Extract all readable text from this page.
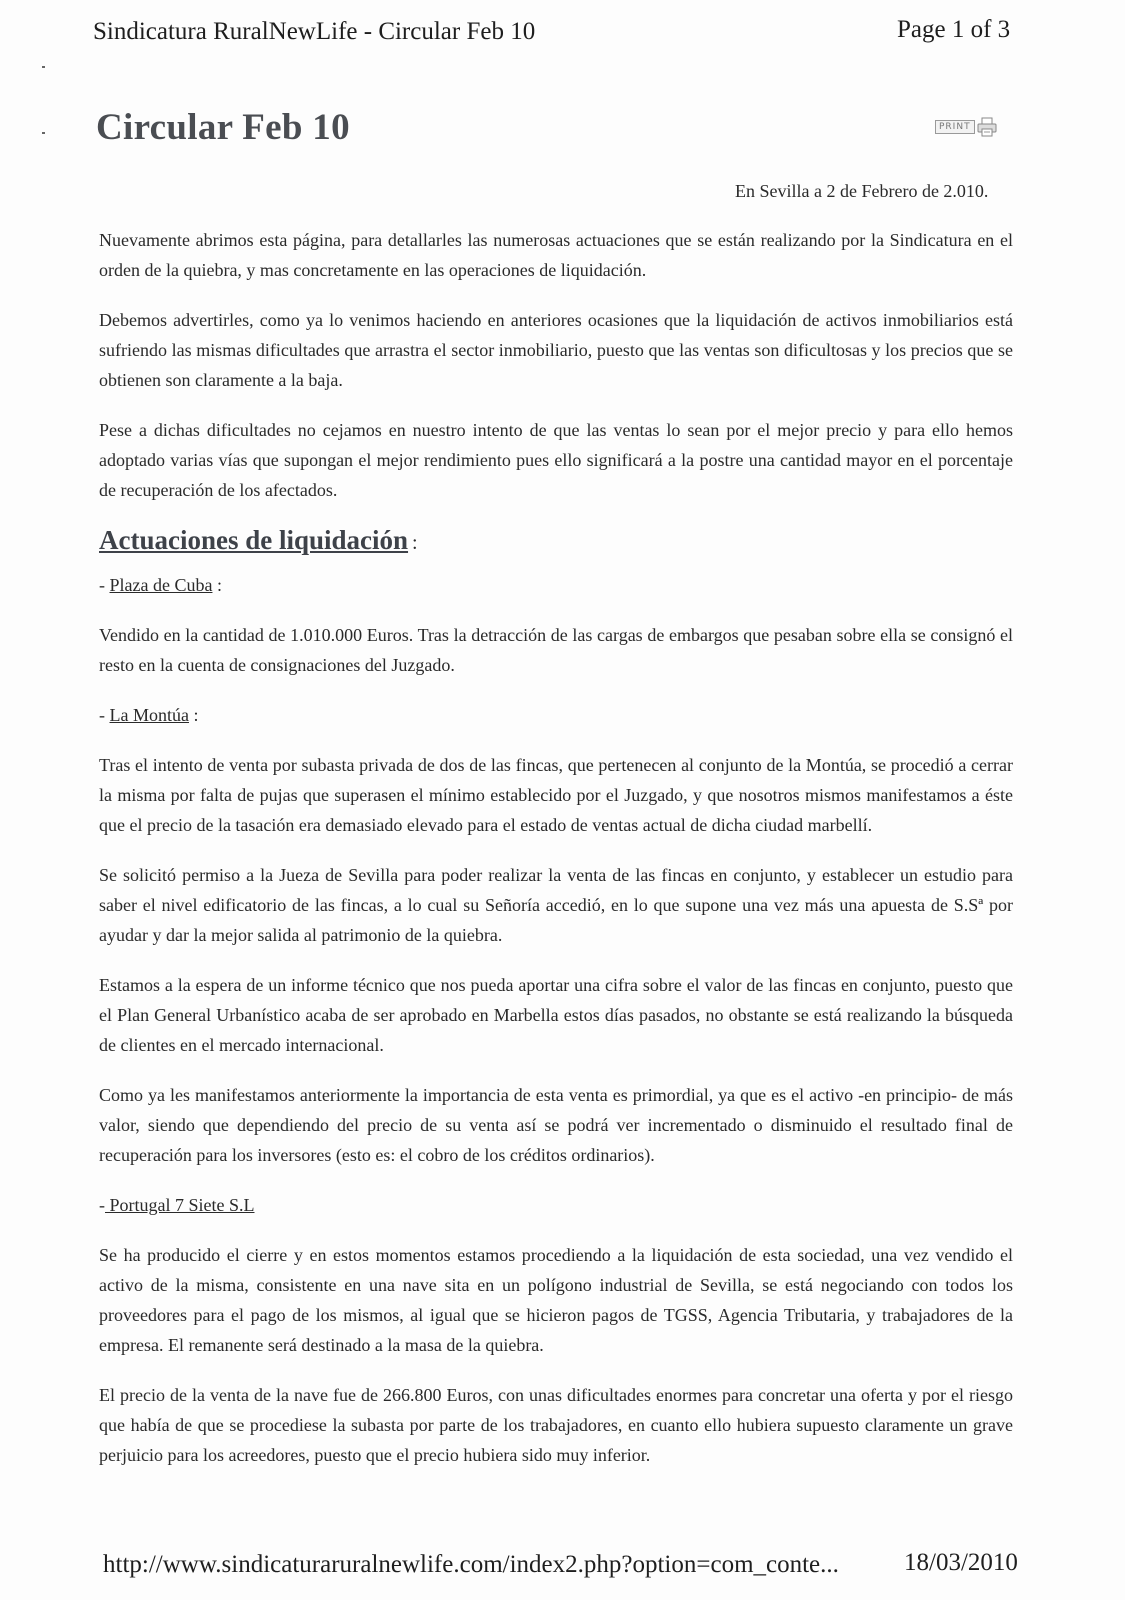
Sindicatura RuralNewLife - Circular Feb 10	Page 1 of 3
Circular Feb 10	PRINT
En Sevilla a 2 de Febrero de 2.010.

Nuevamente abrimos esta página, para detallarles las numerosas actuaciones que se están realizando por la Sindicatura en el orden de la quiebra, y mas concretamente en las operaciones de liquidación.

Debemos advertirles, como ya lo venimos haciendo en anteriores ocasiones que la liquidación de activos inmobiliarios está sufriendo las mismas dificultades que arrastra el sector inmobiliario, puesto que las ventas son dificultosas y los precios que se obtienen son claramente a la baja.

Pese a dichas dificultades no cejamos en nuestro intento de que las ventas lo sean por el mejor precio y para ello hemos adoptado varias vías que supongan el mejor rendimiento pues ello significará a la postre una cantidad mayor en el porcentaje de recuperación de los afectados.

Actuaciones de liquidación :
- Plaza de Cuba :

Vendido en la cantidad de 1.010.000 Euros. Tras la detracción de las cargas de embargos que pesaban sobre ella se consignó el resto en la cuenta de consignaciones del Juzgado.

- La Montúa :

Tras el intento de venta por subasta privada de dos de las fincas, que pertenecen al conjunto de la Montúa, se procedió a cerrar la misma por falta de pujas que superasen el mínimo establecido por el Juzgado, y que nosotros mismos manifestamos a éste que el precio de la tasación era demasiado elevado para el estado de ventas actual de dicha ciudad marbellí.

Se solicitó permiso a la Jueza de Sevilla para poder realizar la venta de las fincas en conjunto, y establecer un estudio para saber el nivel edificatorio de las fincas, a lo cual su Señoría accedió, en lo que supone una vez más una apuesta de S.Sª por ayudar y dar la mejor salida al patrimonio de la quiebra.

Estamos a la espera de un informe técnico que nos pueda aportar una cifra sobre el valor de las fincas en conjunto, puesto que el Plan General Urbanístico acaba de ser aprobado en Marbella estos días pasados, no obstante se está realizando la búsqueda de clientes en el mercado internacional.

Como ya les manifestamos anteriormente la importancia de esta venta es primordial, ya que es el activo -en principio- de más valor, siendo que dependiendo del precio de su venta así se podrá ver incrementado o disminuido el resultado final de recuperación para los inversores (esto es: el cobro de los créditos ordinarios).

- Portugal 7 Siete S.L

Se ha producido el cierre y en estos momentos estamos procediendo a la liquidación de esta sociedad, una vez vendido el activo de la misma, consistente en una nave sita en un polígono industrial de Sevilla, se está negociando con todos los proveedores para el pago de los mismos, al igual que se hicieron pagos de TGSS, Agencia Tributaria, y trabajadores de la empresa. El remanente será destinado a la masa de la quiebra.

El precio de la venta de la nave fue de 266.800 Euros, con unas dificultades enormes para concretar una oferta y por el riesgo que había de que se procediese la subasta por parte de los trabajadores, en cuanto ello hubiera supuesto claramente un grave perjuicio para los acreedores, puesto que el precio hubiera sido muy inferior.

http://www.sindicaturaruralnewlife.com/index2.php?option=com_conte...	18/03/2010
